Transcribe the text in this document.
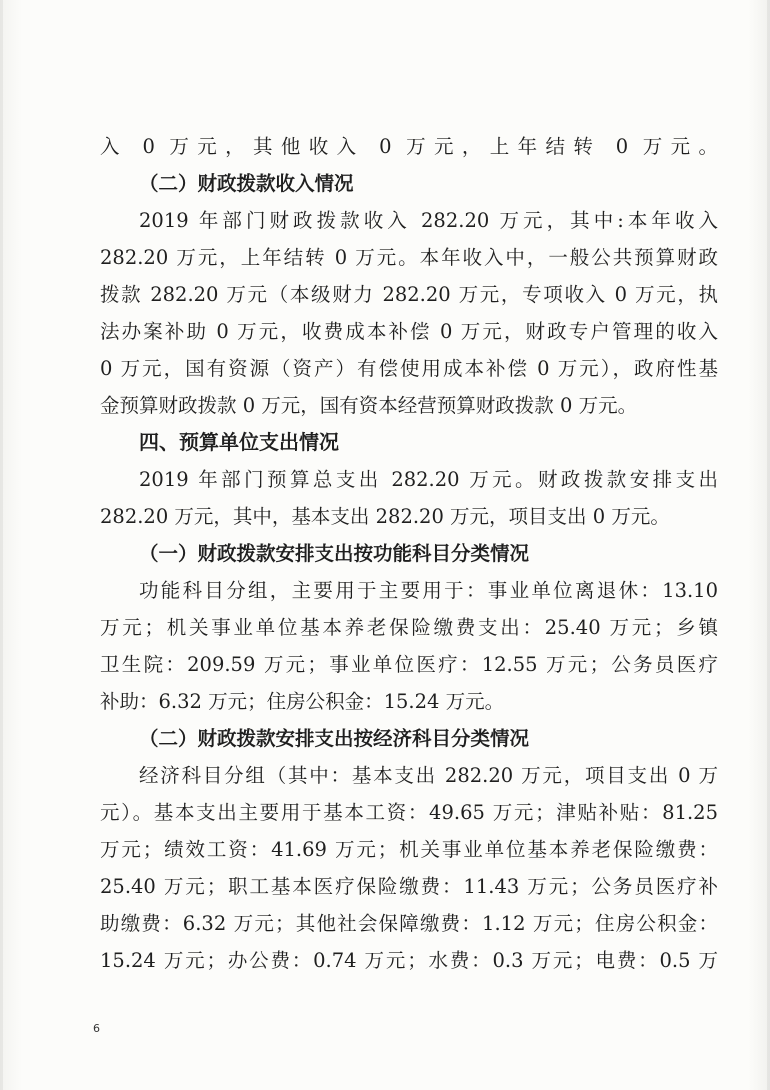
入 0 万元，其他收入 0 万元，上年结转 0 万元。
（二）财政拨款收入情况
2019 年部门财政拨款收入 282.20 万元，其中:本年收入
282.20 万元，上年结转 0 万元。本年收入中，一般公共预算财政
拨款 282.20 万元（本级财力 282.20 万元，专项收入 0 万元，执
法办案补助 0 万元，收费成本补偿 0 万元，财政专户管理的收入
0 万元，国有资源（资产）有偿使用成本补偿 0 万元），政府性基
金预算财政拨款 0 万元，国有资本经营预算财政拨款 0 万元。
四、预算单位支出情况
2019 年部门预算总支出 282.20 万元。财政拨款安排支出
282.20 万元，其中，基本支出 282.20 万元，项目支出 0 万元。
（一）财政拨款安排支出按功能科目分类情况
功能科目分组，主要用于主要用于：事业单位离退休：13.10
万元；机关事业单位基本养老保险缴费支出：25.40 万元；乡镇
卫生院：209.59 万元；事业单位医疗：12.55 万元；公务员医疗
补助：6.32 万元；住房公积金：15.24 万元。
（二）财政拨款安排支出按经济科目分类情况
经济科目分组（其中：基本支出 282.20 万元，项目支出 0 万
元）。基本支出主要用于基本工资：49.65 万元；津贴补贴：81.25
万元；绩效工资：41.69 万元；机关事业单位基本养老保险缴费：
25.40 万元；职工基本医疗保险缴费：11.43 万元；公务员医疗补
助缴费：6.32 万元；其他社会保障缴费：1.12 万元；住房公积金：
15.24 万元；办公费：0.74 万元；水费：0.3 万元；电费：0.5 万
6
